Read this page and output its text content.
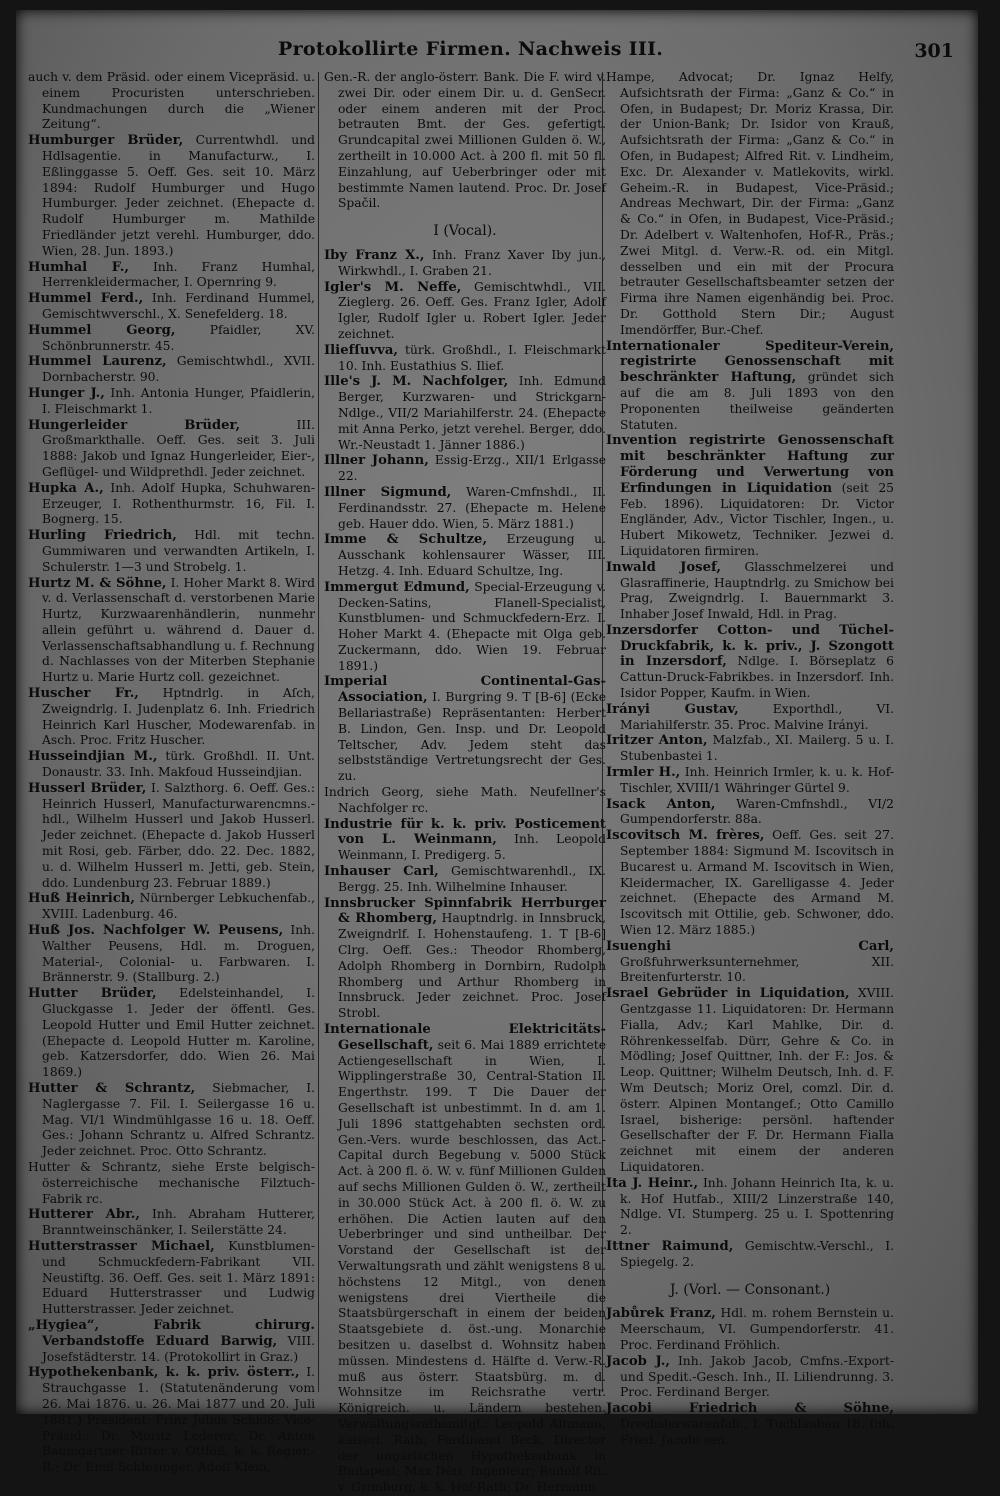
Protokollirte Firmen. Nachweis III.	301

auch v. dem Präsid. oder einem Vicepräsid. u. einem Procuristen unterschrieben. Kundmachungen durch die „Wiener Zeitung“.

Humburger Brüder, Currentwhdl. und Hdlsagentie. in Manufacturw., I. Eßlinggasse 5. Oeff. Ges. seit 10. März 1894: Rudolf Humburger und Hugo Humburger. Jeder zeichnet. (Ehepacte d. Rudolf Humburger m. Mathilde Friedländer jetzt verehl. Humburger, ddo. Wien, 28. Jun. 1893.)

Humhal F., Inh. Franz Humhal, Herrenkleidermacher, I. Opernring 9.

Hummel Ferd., Inh. Ferdinand Hummel, Gemischtwverschl., X. Senefelderg. 18.

Hummel Georg,	Pfaidler, XV. Schönbrunnerstr. 45.

Hummel Laurenz, Gemischtwhdl., XVII. Dornbacherstr. 90.

Hunger J., Inh. Antonia Hunger, Pfaidlerin, I. Fleischmarkt 1.

Hungerleider Brüder,	III. Großmarkthalle. Oeff. Ges. seit 3. Juli 1888: Jakob und Ignaz Hungerleider, Eier-, Geflügel- und Wildprethdl. Jeder zeichnet.

Hupka A., Inh. Adolf Hupka, Schuhwaren-Erzeuger, I. Rothenthurmstr. 16, Fil. I. Bognerg. 15.

Hurling Friedrich, Hdl. mit techn. Gummiwaren und verwandten Artikeln, I. Schulerstr. 1—3 und Strobelg. 1.

Hurtz M. & Söhne, I. Hoher Markt 8. Wird v. d. Verlassenschaft d. verstorbenen Marie Hurtz, Kurzwaarenhändlerin, nunmehr allein geführt u. während d. Dauer d. Verlassenschaftsabhandlung u. f. Rechnung d. Nachlasses von der Miterben Stephanie Hurtz u. Marie Hurtz coll. gezeichnet.

Huscher Fr., Hptndrlg. in Aſch, Zweigndrlg. I. Judenplatz 6. Inh. Friedrich Heinrich Karl Huscher, Modewarenfab. in Asch. Proc. Fritz Huscher.

Husseindjian M., türk. Großhdl. II. Unt. Donaustr. 33. Inh. Makfoud Husseindjian.

Husserl Brüder, I. Salzthorg. 6. Oeff. Ges.: Heinrich Husserl, Manufacturwarencmns.-hdl., Wilhelm Husserl und Jakob Husserl. Jeder zeichnet. (Ehepacte d. Jakob Husserl mit Rosi, geb. Färber, ddo. 22. Dec. 1882, u. d. Wilhelm Husserl m. Jetti, geb. Stein, ddo. Lundenburg 23. Februar 1889.)

Huß Heinrich, Nürnberger Lebkuchenfab., XVIII. Ladenburg. 46.

Huß Jos. Nachfolger W. Peusens, Inh. Walther Peusens, Hdl. m. Droguen, Material-, Colonial- u. Farbwaren. I. Brännerstr. 9. (Stallburg. 2.)

Hutter Brüder, Edelsteinhandel, I. Gluckgasse 1. Jeder der öffentl. Ges. Leopold Hutter und Emil Hutter zeichnet. (Ehepacte d. Leopold Hutter m. Karoline, geb. Katzersdorfer, ddo. Wien 26. Mai 1869.)

Hutter & Schrantz, Siebmacher, I. Naglergasse 7. Fil. I. Seilergasse 16 u. Mag. VI/1 Windmühlgasse 16 u. 18. Oeff. Ges.: Johann Schrantz u. Alfred Schrantz. Jeder zeichnet. Proc. Otto Schrantz.

Hutter & Schrantz, siehe Erste belgisch-österreichische mechanische Filztuch-Fabrik rc.

Hutterer Abr., Inh. Abraham Hutterer, Branntweinschänker, I. Seilerstätte 24.

Hutterstrasser Michael, Kunstblumen- und Schmuckfedern-Fabrikant VII. Neustiftg. 36. Oeff. Ges. seit 1. März 1891: Eduard Hutterstrasser und Ludwig Hutterstrasser. Jeder zeichnet.

„Hygiea“, Fabrik chirurg. Verbandstoffe Eduard Barwig, VIII. Josefstädterstr. 14. (Protokollirt in Graz.)

Hypothekenbank, k. k. priv. österr., I. Strauchgasse 1. (Statutenänderung vom 26. Mai 1876. u. 26. Mai 1877 und 20. Juli 1881.) Präsident: Prinz Julius Schlöß; Vice-Präsid.: Dr. Moritz Lederer; Dr. Anton Baumgartner Ritter v. Ottlöß, k. k. Regier.-R.; Dr. Emil Schlesinger, Adolf Klein,

Gen.-R. der anglo-österr. Bank. Die F. wird v. zwei Dir. oder einem Dir. u. d. GenSecr. oder einem anderen mit der Proc. betrauten Bmt. der Ges. gefertigt. Grundcapital zwei Millionen Gulden ö. W., zertheilt in 10.000 Act. à 200 fl. mit 50 fl. Einzahlung, auf Ueberbringer oder mit bestimmte Namen lautend. Proc. Dr. Josef Spačil.

I (Vocal).

Iby Franz X., Inh. Franz Xaver Iby jun., Wirkwhdl., I. Graben 21.

Igler's M. Neffe, Gemischtwhdl., VII. Zieglerg. 26. Oeff. Ges. Franz Igler, Adolf Igler, Rudolf Igler u. Robert Igler. Jeder zeichnet.

Iliefſuvva, türk. Großhdl., I. Fleischmarkt 10. Inh. Eustathius S. Ilief.

Ille's J. M. Nachfolger, Inh. Edmund Berger, Kurzwaren- und Strickgarn-Ndlge., VII/2 Mariahilferstr. 24. (Ehepacte mit Anna Perko, jetzt verehel. Berger, ddo. Wr.-Neustadt 1. Jänner 1886.)

Illner Johann, Essig-Erzg., XII/1 Erlgasse 22.

Illner Sigmund, Waren-Cmfnshdl., II. Ferdinandsstr. 27. (Ehepacte m. Helene geb. Hauer ddo. Wien, 5. März 1881.)

Imme & Schultze, Erzeugung u. Ausschank kohlensaurer Wässer, III. Hetzg. 4. Inh. Eduard Schultze, Ing.

Immergut Edmund, Special-Erzeugung v. Decken-Satins, Flanell-Specialist, Kunstblumen- und Schmuckfedern-Erz. I. Hoher Markt 4. (Ehepacte mit Olga geb. Zuckermann, ddo. Wien 19. Februar 1891.)

Imperial Continental-Gas-Association, I. Burgring 9. T [B-6] (Ecke Bellariastraße) Repräsentanten: Herbert B. Lindon, Gen. Insp. und Dr. Leopold Teltscher, Adv. Jedem steht das selbstständige Vertretungsrecht der Ges. zu.

Indrich Georg, siehe Math. Neufellner's Nachfolger rc.

Industrie für k. k. priv. Posticement von L. Weinmann, Inh. Leopold Weinmann, I. Predigerg. 5.

Inhauser Carl, Gemischtwarenhdl., IX. Bergg. 25. Inh. Wilhelmine Inhauser.

Innsbrucker Spinnfabrik Herrburger & Rhomberg, Hauptndrlg. in Innsbruck, Zweigndrlf. I. Hohenstaufeng. 1. T [B-6] Clrg. Oeff. Ges.: Theodor Rhomberg, Adolph Rhomberg in Dornbirn, Rudolph Rhomberg und Arthur Rhomberg in Innsbruck. Jeder zeichnet. Proc. Josef Strobl.

Internationale Elektricitäts-Gesellschaft, seit 6. Mai 1889 errichtete Actiengesellschaft in Wien, I. Wipplingerstraße 30, Central-Station II. Engerthstr. 199. T Die Dauer der Gesellschaft ist unbestimmt. In d. am 1. Juli 1896 stattgehabten sechsten ord. Gen.-Vers. wurde beschlossen, das Act.-Capital durch Begebung v. 5000 Stück Act. à 200 fl. ö. W. v. fünf Millionen Gulden auf sechs Millionen Gulden ö. W., zertheilt in 30.000 Stück Act. à 200 fl. ö. W. zu erhöhen. Die Actien lauten auf den Ueberbringer und sind untheilbar. Der Vorstand der Gesellschaft ist der Verwaltungsrath und zählt wenigstens 8 u. höchstens 12 Mitgl., von denen wenigstens drei Viertheile die Staatsbürgerschaft in einem der beiden Staatsgebiete d. öst.-ung. Monarchie besitzen u. daselbst d. Wohnsitz haben müssen. Mindestens d. Hälfte d. Verw.-R. muß aus österr. Staatsbürg. m. d. Wohnsitze im Reichsrathe vertr. Königreich. u. Ländern bestehen. Verwaltungsrathsmitgl.: Leopold Altmann, kaiserl. Rath; Ferdinand Beck, Director der ungarischen Hypothekenbank in Budapest; Max Déri, Ingenieur; Rudolf Rit. v. Grimburg, k. k. Hof-Rath; Dr. Hermann

Hampe, Advocat; Dr. Ignaz Helfy, Aufsichtsrath der Firma: „Ganz & Co.“ in Ofen, in Budapest; Dr. Moriz Krassa, Dir. der Union-Bank; Dr. Isidor von Krauß, Aufsichtsrath der Firma: „Ganz & Co.“ in Ofen, in Budapest; Alfred Rit. v. Lindheim, Exc. Dr. Alexander v. Matlekovits, wirkl. Geheim.-R. in Budapest, Vice-Präsid.; Andreas Mechwart, Dir. der Firma: „Ganz & Co.“ in Ofen, in Budapest, Vice-Präsid.; Dr. Adelbert v. Waltenhofen, Hof-R., Präs.; Zwei Mitgl. d. Verw.-R. od. ein Mitgl. desselben und ein mit der Procura betrauter Gesellschaftsbeamter setzen der Firma ihre Namen eigenhändig bei. Proc. Dr. Gotthold Stern Dir.; August Imendörffer, Bur.-Chef.

Internationaler Spediteur-Verein, registrirte Genossenschaft mit beschränkter Haftung, gründet sich auf die am 8. Juli 1893 von den Proponenten theilweise geänderten Statuten.

Invention registrirte Genossenschaft mit beschränkter Haftung zur Förderung und Verwertung von Erfindungen in Liquidation (seit 25 Feb. 1896). Liquidatoren: Dr. Victor Engländer, Adv., Victor Tischler, Ingen., u. Hubert Mikowetz, Techniker. Jezwei d. Liquidatoren firmiren.

Inwald Josef, Glasschmelzerei und Glasraffinerie, Hauptndrlg. zu Smichow bei Prag, Zweigndrlg. I. Bauernmarkt 3. Inhaber Josef Inwald, Hdl. in Prag.

Inzersdorfer Cotton- und Tüchel-Druckfabrik, k. k. priv., J. Szongott in Inzersdorf, Ndlge. I. Börseplatz 6 Cattun-Druck-Fabrikbes. in Inzersdorf. Inh. Isidor Popper, Kaufm. in Wien.

Irányi Gustav,	Exporthdl., VI. Mariahilferstr. 35. Proc. Malvine Irányi.

Iritzer Anton, Malzfab., XI. Mailerg. 5 u. I. Stubenbastei 1.

Irmler H., Inh. Heinrich Irmler, k. u. k. Hof-Tischler, XVIII/1 Währinger Gürtel 9.

Isack Anton, Waren-Cmfnshdl., VI/2 Gumpendorferstr. 88a.

Iscovitsch M. frères, Oeff. Ges. seit 27. September 1884: Sigmund M. Iscovitsch in Bucarest u. Armand M. Iscovitsch in Wien, Kleidermacher, IX. Garelligasse 4. Jeder zeichnet. (Ehepacte des Armand M. Iscovitsch mit Ottilie, geb. Schwoner, ddo. Wien 12. März 1885.)

Isuenghi Carl, Großfuhrwerksunternehmer, XII. Breitenfurterstr. 10.

Israel Gebrüder in Liquidation, XVIII. Gentzgasse 11. Liquidatoren: Dr. Hermann Fialla, Adv.; Karl Mahlke, Dir. d. Röhrenkesselfab. Dürr, Gehre & Co. in Mödling; Josef Quittner, Inh. der F.: Jos. & Leop. Quittner; Wilhelm Deutsch, Inh. d. F. Wm Deutsch; Moriz Orel, comzl. Dir. d. österr. Alpinen Montangef.; Otto Camillo Israel, bisherige: persönl. haftender Gesellschafter der F. Dr. Hermann Fialla zeichnet mit einem der anderen Liquidatoren.

Ita J. Heinr., Inh. Johann Heinrich Ita, k. u. k. Hof Hutfab., XIII/2 Linzerstraße 140, Ndlge. VI. Stumperg. 25 u. I. Spottenring 2.

Ittner Raimund, Gemischtw.-Verschl., I. Spiegelg. 2.

J. (Vorl. — Consonant.)

Jabůrek Franz, Hdl. m. rohem Bernstein u. Meerschaum, VI. Gumpendorferstr. 41. Proc. Ferdinand Fröhlich.

Jacob J., Inh. Jakob Jacob, Cmfns.-Export- und Spedit.-Gesch. Inh., II. Liliendrunng. 3. Proc. Ferdinand Berger.

Jacobi Friedrich & Söhne, Drechslerwarenfab., I. Tuchlauben 18. Inh. Fried. Jacobi sen.
